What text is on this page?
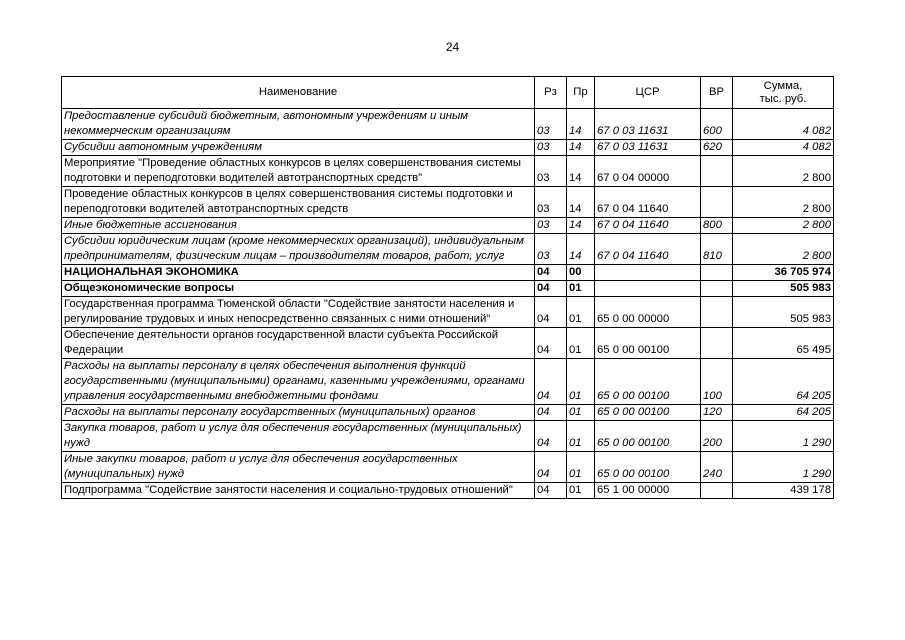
24
Наименование	Рз	Пр	ЦСР	ВР	Сумма,
тыс. руб.
Предоставление субсидий бюджетным, автономным учреждениям и иным некоммерческим организациям	03	14	67 0 03 11631	600	4 082
Субсидии автономным учреждениям	03	14	67 0 03 11631	620	4 082
Мероприятие "Проведение областных конкурсов в целях совершенствования системы подготовки и переподготовки водителей автотранспортных средств"	03	14	67 0 04 00000		2 800
Проведение областных конкурсов в целях совершенствования системы подготовки и переподготовки водителей автотранспортных средств	03	14	67 0 04 11640		2 800
Иные бюджетные ассигнования	03	14	67 0 04 11640	800	2 800
Субсидии юридическим лицам (кроме некоммерческих организаций), индивидуальным предпринимателям, физическим лицам – производителям товаров, работ, услуг	03	14	67 0 04 11640	810	2 800
НАЦИОНАЛЬНАЯ ЭКОНОМИКА	04	00			36 705 974
Общеэкономические вопросы	04	01			505 983
Государственная программа Тюменской области "Содействие занятости населения и регулирование трудовых и иных непосредственно связанных с ними отношений"	04	01	65 0 00 00000		505 983
Обеспечение деятельности органов государственной власти субъекта Российской Федерации	04	01	65 0 00 00100		65 495
Расходы на выплаты персоналу в целях обеспечения выполнения функций государственными (муниципальными) органами, казенными учреждениями, органами управления государственными внебюджетными фондами	04	01	65 0 00 00100	100	64 205
Расходы на выплаты персоналу государственных (муниципальных) органов	04	01	65 0 00 00100	120	64 205
Закупка товаров, работ и услуг для обеспечения государственных (муниципальных) нужд	04	01	65 0 00 00100	200	1 290
Иные закупки товаров, работ и услуг для обеспечения государственных (муниципальных) нужд	04	01	65 0 00 00100	240	1 290
Подпрограмма "Содействие занятости населения и социально-трудовых отношений"	04	01	65 1 00 00000		439 178
